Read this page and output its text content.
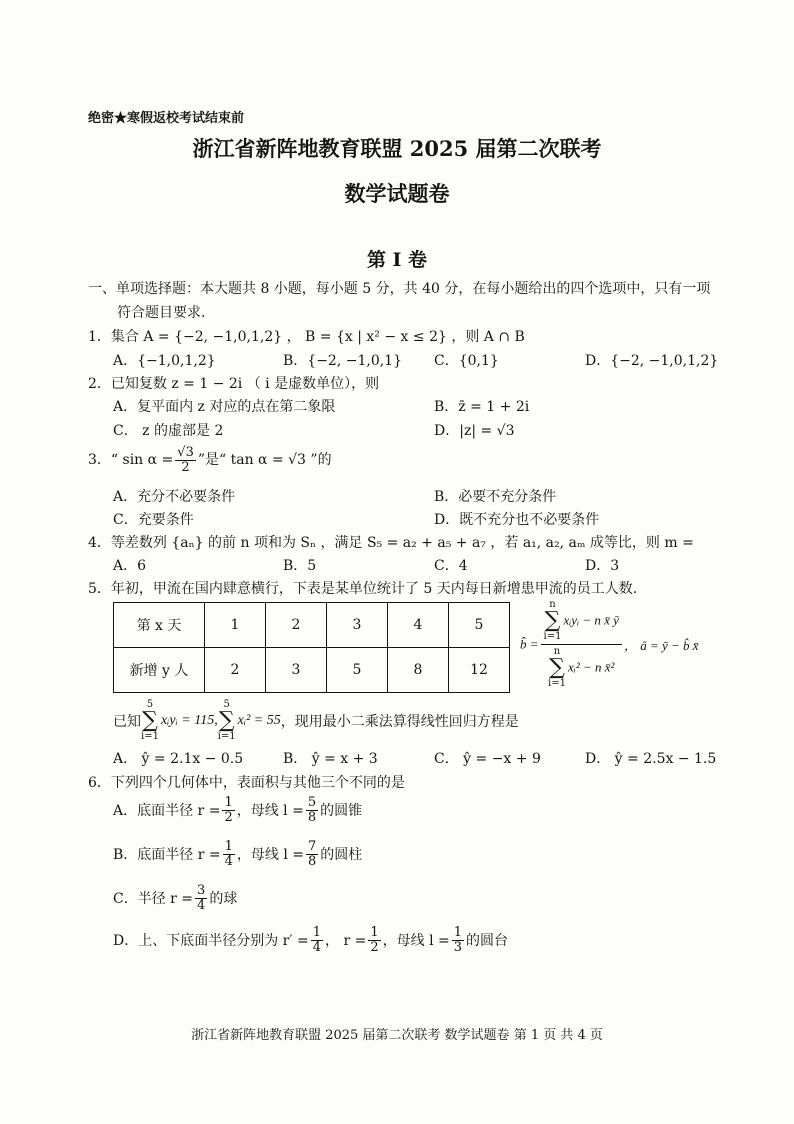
绝密★寒假返校考试结束前
浙江省新阵地教育联盟 2025 届第二次联考
数学试题卷
第 I 卷
一、单项选择题：本大题共 8 小题，每小题 5 分，共 40 分，在每小题给出的四个选项中，只有一项
符合题目要求.
1．集合 A = {−2, −1,0,1,2} ， B = {x | x² − x ≤ 2} ，则 A ∩ B
A．{−1,0,1,2}	B．{−2, −1,0,1} C．{0,1}	D．{−2, −1,0,1,2}
2．已知复数 z = 1 − 2i （ i 是虚数单位），则
A．复平面内 z 对应的点在第二象限	B．z̄ = 1 + 2i
C． z 的虚部是 2	D．|z| = √3
3．“ $\sin \alpha = \frac{√3}{2}$ ”是“ tan α = √3 ”的
A．充分不必要条件	B．必要不充分条件
C．充要条件	D．既不充分也不必要条件
4．等差数列 {aₙ} 的前 n 项和为 Sₙ ，满足 S₅ = a₂ + a₅ + a₇ ，若 a₁, a₂, aₘ 成等比，则 m =
A．6	B．5	C．4	D．3
5．年初，甲流在国内肆意横行，下表是某单位统计了 5 天内每日新增患甲流的员工人数.
第 x 天	1	2	3	4	5
新增 y 人	2	3	5	8	12
b̂ = n
∑
i=1xᵢyᵢ − n x̄ ȳ
n
∑
i=1xᵢ² − n x̄² ， â = ȳ − b̂ x̄
已知5
∑
i=1xᵢyᵢ = 115,5
∑
i=1xᵢ² = 55，现用最小二乘法算得线性回归方程是
A． ŷ = 2.1x − 0.5	B． ŷ = x + 3	C． ŷ = −x + 9	D． ŷ = 2.5x − 1.5
6．下列四个几何体中，表面积与其他三个不同的是
A．底面半径 $r = \frac{1}{2}$ ，母线 $l = \frac{5}{8}$ 的圆锥
B．底面半径 $r = \frac{1}{4}$ ，母线 $l = \frac{7}{8}$ 的圆柱
C．半径 $r = \frac{3}{4}$ 的球
D．上、下底面半径分别为 $r' = \frac{1}{4}$ ， $r = \frac{1}{2}$ ，母线 $l = \frac{1}{3}$ 的圆台
浙江省新阵地教育联盟 2025 届第二次联考 数学试题卷 第 1 页 共 4 页
